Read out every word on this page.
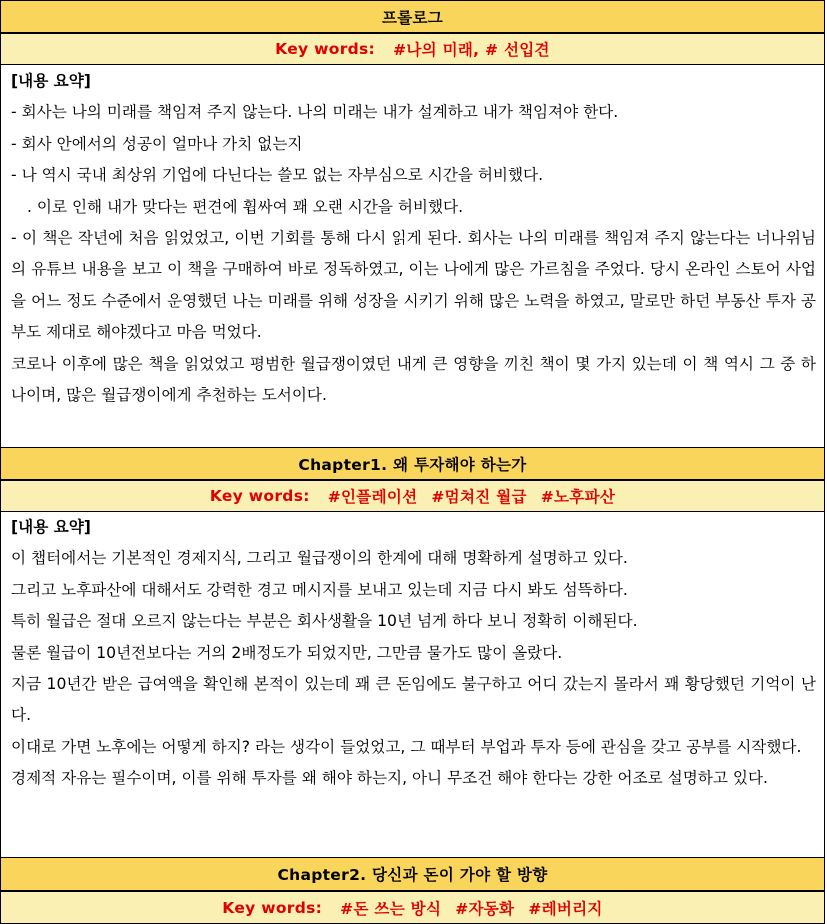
프롤로그
Key words: #나의 미래, # 선입견

[내용 요약]

- 회사는 나의 미래를 책임져 주지 않는다. 나의 미래는 내가 설계하고 내가 책임져야 한다.

- 회사 안에서의 성공이 얼마나 가치 없는지

- 나 역시 국내 최상위 기업에 다닌다는 쓸모 없는 자부심으로 시간을 허비했다.

. 이로 인해 내가 맞다는 편견에 휩싸여 꽤 오랜 시간을 허비했다.

- 이 책은 작년에 처음 읽었었고, 이번 기회를 통해 다시 읽게 된다. 회사는 나의 미래를 책임져 주지 않는다는 너나위님의 유튜브 내용을 보고 이 책을 구매하여 바로 정독하였고, 이는 나에게 많은 가르침을 주었다. 당시 온라인 스토어 사업을 어느 정도 수준에서 운영했던 나는 미래를 위해 성장을 시키기 위해 많은 노력을 하였고, 말로만 하던 부동산 투자 공부도 제대로 해야겠다고 마음 먹었다.

코로나 이후에 많은 책을 읽었었고 평범한 월급쟁이였던 내게 큰 영향을 끼친 책이 몇 가지 있는데 이 책 역시 그 중 하나이며, 많은 월급쟁이에게 추천하는 도서이다.

Chapter1. 왜 투자해야 하는가
Key words: #인플레이션 #멈쳐진 월급 #노후파산

[내용 요약]

이 챕터에서는 기본적인 경제지식, 그리고 월급쟁이의 한계에 대해 명확하게 설명하고 있다.

그리고 노후파산에 대해서도 강력한 경고 메시지를 보내고 있는데 지금 다시 봐도 섬뜩하다.

특히 월급은 절대 오르지 않는다는 부분은 회사생활을 10년 넘게 하다 보니 정확히 이해된다.

물론 월급이 10년전보다는 거의 2배정도가 되었지만, 그만큼 물가도 많이 올랐다.

지금 10년간 받은 급여액을 확인해 본적이 있는데 꽤 큰 돈임에도 불구하고 어디 갔는지 몰라서 꽤 황당했던 기억이 난다.

이대로 가면 노후에는 어떻게 하지? 라는 생각이 들었었고, 그 때부터 부업과 투자 등에 관심을 갖고 공부를 시작했다.

경제적 자유는 필수이며, 이를 위해 투자를 왜 해야 하는지, 아니 무조건 해야 한다는 강한 어조로 설명하고 있다.

Chapter2. 당신과 돈이 가야 할 방향
Key words: #돈 쓰는 방식 #자동화 #레버리지
